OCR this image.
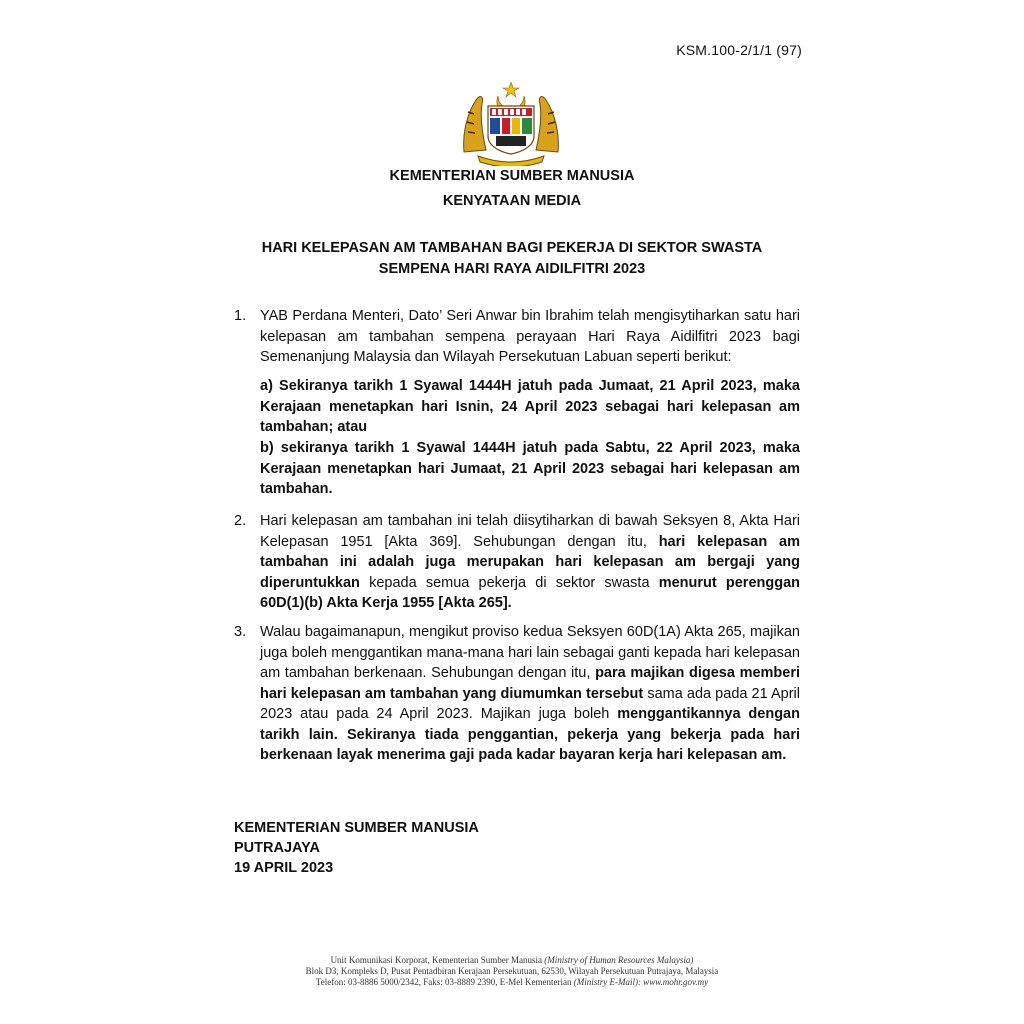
KSM.100-2/1/1 (97)
KEMENTERIAN SUMBER MANUSIA
KENYATAAN MEDIA
HARI KELEPASAN AM TAMBAHAN BAGI PEKERJA DI SEKTOR SWASTA
SEMPENA HARI RAYA AIDILFITRI 2023
1. YAB Perdana Menteri, Dato’ Seri Anwar bin Ibrahim telah mengisytiharkan satu hari kelepasan am tambahan sempena perayaan Hari Raya Aidilfitri 2023 bagi Semenanjung Malaysia dan Wilayah Persekutuan Labuan seperti berikut:
a) Sekiranya tarikh 1 Syawal 1444H jatuh pada Jumaat, 21 April 2023, maka Kerajaan menetapkan hari Isnin, 24 April 2023 sebagai hari kelepasan am tambahan; atau
b) sekiranya tarikh 1 Syawal 1444H jatuh pada Sabtu, 22 April 2023, maka Kerajaan menetapkan hari Jumaat, 21 April 2023 sebagai hari kelepasan am tambahan.
2. Hari kelepasan am tambahan ini telah diisytiharkan di bawah Seksyen 8, Akta Hari Kelepasan 1951 [Akta 369]. Sehubungan dengan itu, hari kelepasan am tambahan ini adalah juga merupakan hari kelepasan am bergaji yang diperuntukkan kepada semua pekerja di sektor swasta menurut perenggan 60D(1)(b) Akta Kerja 1955 [Akta 265].
3. Walau bagaimanapun, mengikut proviso kedua Seksyen 60D(1A) Akta 265, majikan juga boleh menggantikan mana-mana hari lain sebagai ganti kepada hari kelepasan am tambahan berkenaan. Sehubungan dengan itu, para majikan digesa memberi hari kelepasan am tambahan yang diumumkan tersebut sama ada pada 21 April 2023 atau pada 24 April 2023. Majikan juga boleh menggantikannya dengan tarikh lain. Sekiranya tiada penggantian, pekerja yang bekerja pada hari berkenaan layak menerima gaji pada kadar bayaran kerja hari kelepasan am.
KEMENTERIAN SUMBER MANUSIA
PUTRAJAYA
19 APRIL 2023
Unit Komunikasi Korporat, Kementerian Sumber Manusia (Ministry of Human Resources Malaysia)
Blok D3, Kompleks D, Pusat Pentadbiran Kerajaan Persekutuan, 62530, Wilayah Persekutuan Putrajaya, Malaysia
Telefon: 03-8886 5000/2342, Faks: 03-8889 2390, E-Mel Kementerian (Ministry E-Mail): www.mohr.gov.my
